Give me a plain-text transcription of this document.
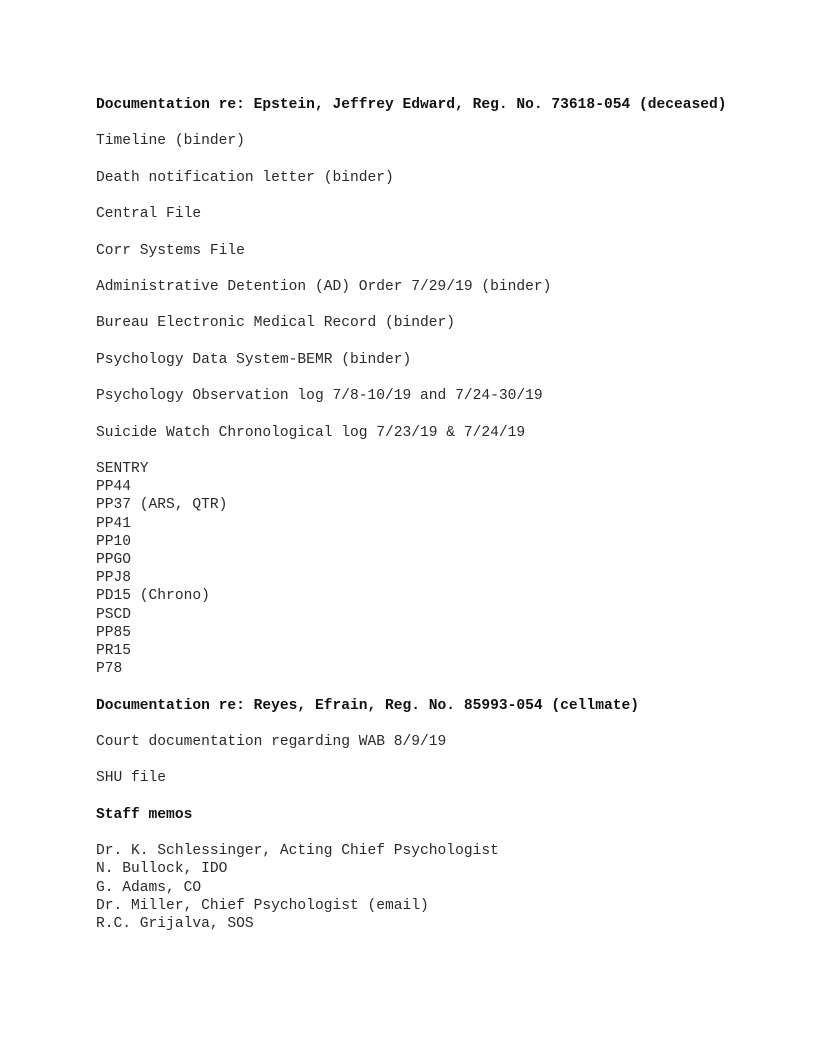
Documentation re: Epstein, Jeffrey Edward, Reg. No. 73618-054 (deceased)

Timeline (binder)

Death notification letter (binder)

Central File

Corr Systems File

Administrative Detention (AD) Order 7/29/19 (binder)

Bureau Electronic Medical Record (binder)

Psychology Data System-BEMR (binder)

Psychology Observation log 7/8-10/19 and 7/24-30/19

Suicide Watch Chronological log 7/23/19 & 7/24/19

SENTRY
PP44
PP37 (ARS, QTR)
PP41
PP10
PPGO
PPJ8
PD15 (Chrono)
PSCD
PP85
PR15
P78

Documentation re: Reyes, Efrain, Reg. No. 85993-054 (cellmate)

Court documentation regarding WAB 8/9/19

SHU file

Staff memos

Dr. K. Schlessinger, Acting Chief Psychologist
N. Bullock, IDO
G. Adams, CO
Dr. Miller, Chief Psychologist (email)
R.C. Grijalva, SOS
